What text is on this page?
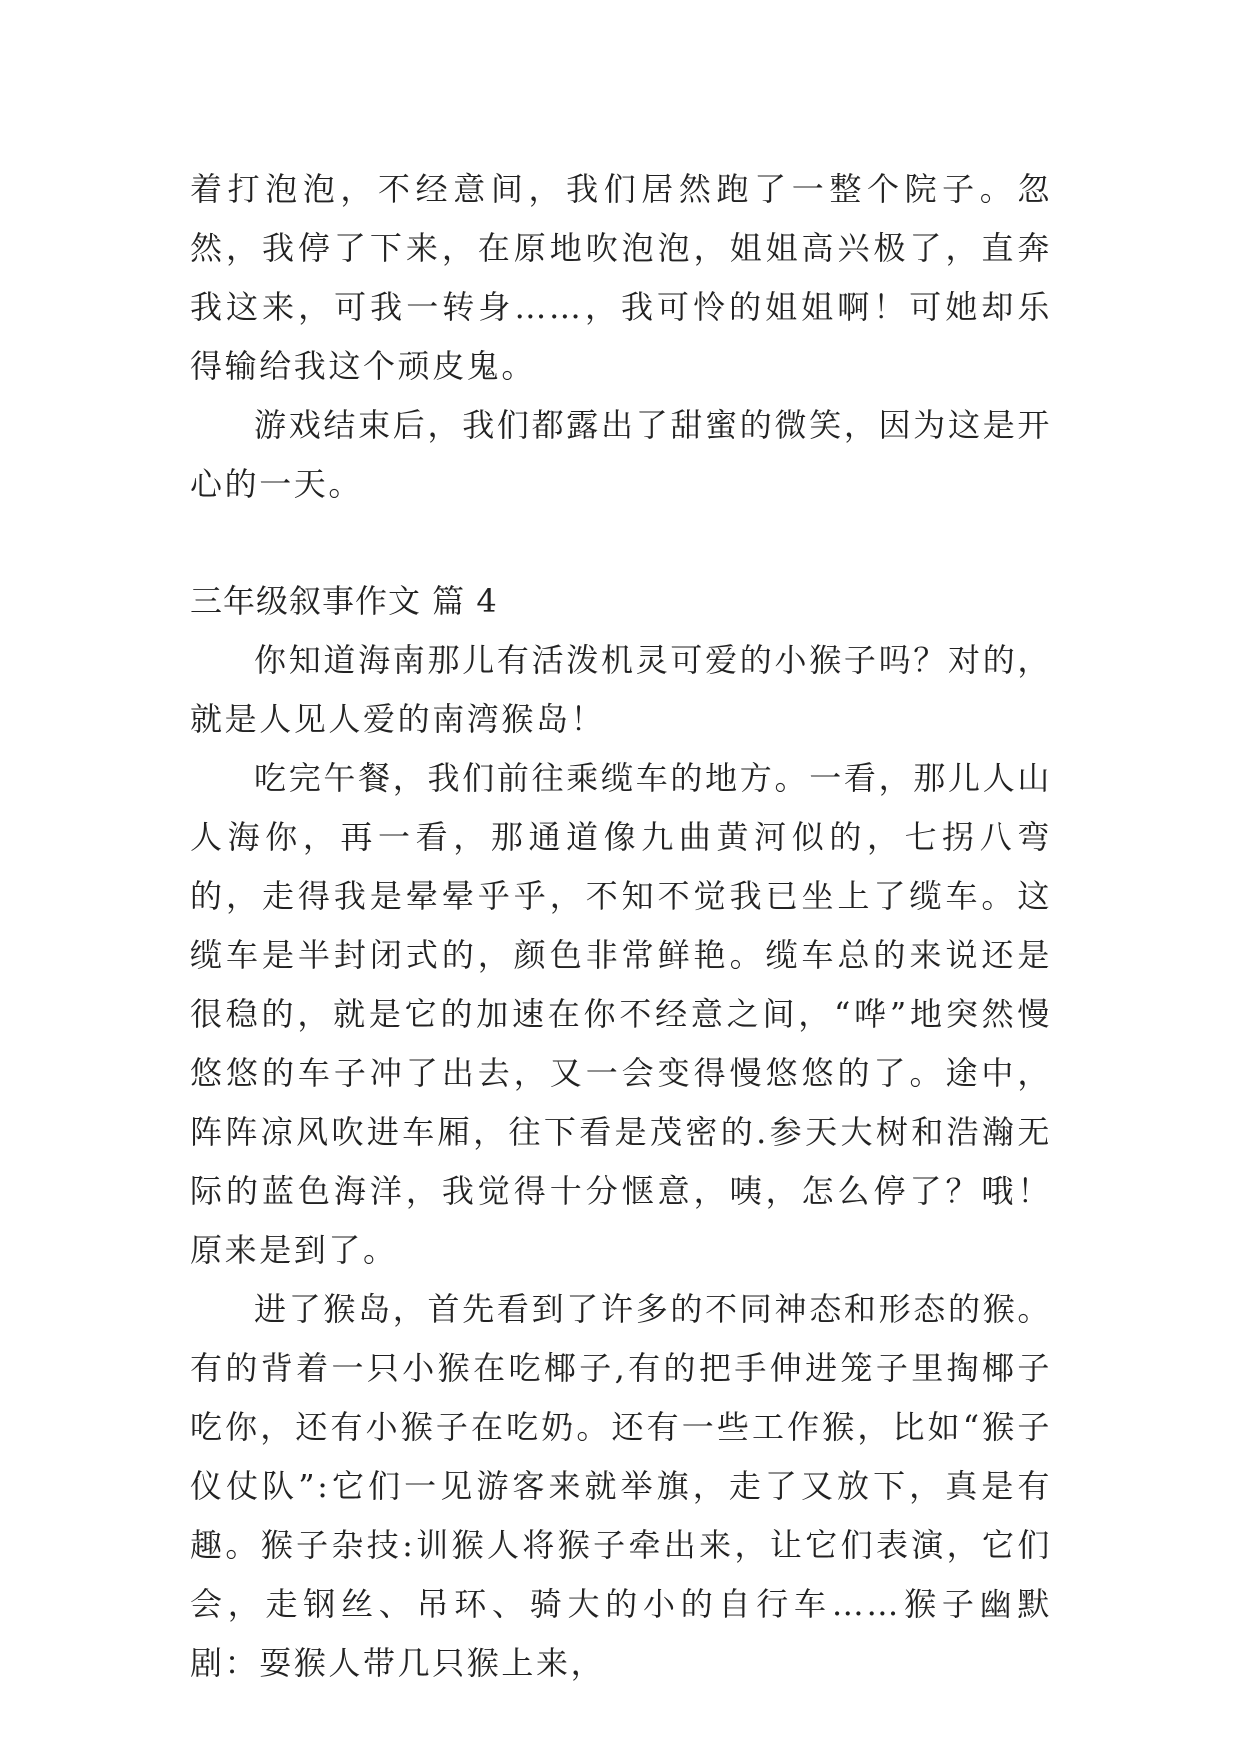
着打泡泡，不经意间，我们居然跑了一整个院子。忽然，我停了下来，在原地吹泡泡，姐姐高兴极了，直奔我这来，可我一转身……，我可怜的姐姐啊！可她却乐得输给我这个顽皮鬼。

游戏结束后，我们都露出了甜蜜的微笑，因为这是开心的一天。

三年级叙事作文 篇 4

你知道海南那儿有活泼机灵可爱的小猴子吗？对的，就是人见人爱的南湾猴岛！

吃完午餐，我们前往乘缆车的地方。一看，那儿人山人海你，再一看，那通道像九曲黄河似的，七拐八弯的，走得我是晕晕乎乎，不知不觉我已坐上了缆车。这缆车是半封闭式的，颜色非常鲜艳。缆车总的来说还是很稳的，就是它的加速在你不经意之间，“哗”地突然慢悠悠的车子冲了出去，又一会变得慢悠悠的了。途中，阵阵凉风吹进车厢，往下看是茂密的.参天大树和浩瀚无际的蓝色海洋，我觉得十分惬意，咦，怎么停了？哦！原来是到了。

进了猴岛，首先看到了许多的不同神态和形态的猴。有的背着一只小猴在吃椰子,有的把手伸进笼子里掏椰子吃你，还有小猴子在吃奶。还有一些工作猴，比如“猴子仪仗队”:它们一见游客来就举旗，走了又放下，真是有趣。猴子杂技:训猴人将猴子牵出来，让它们表演，它们会，走钢丝、吊环、骑大的小的自行车……猴子幽默剧：耍猴人带几只猴上来，
